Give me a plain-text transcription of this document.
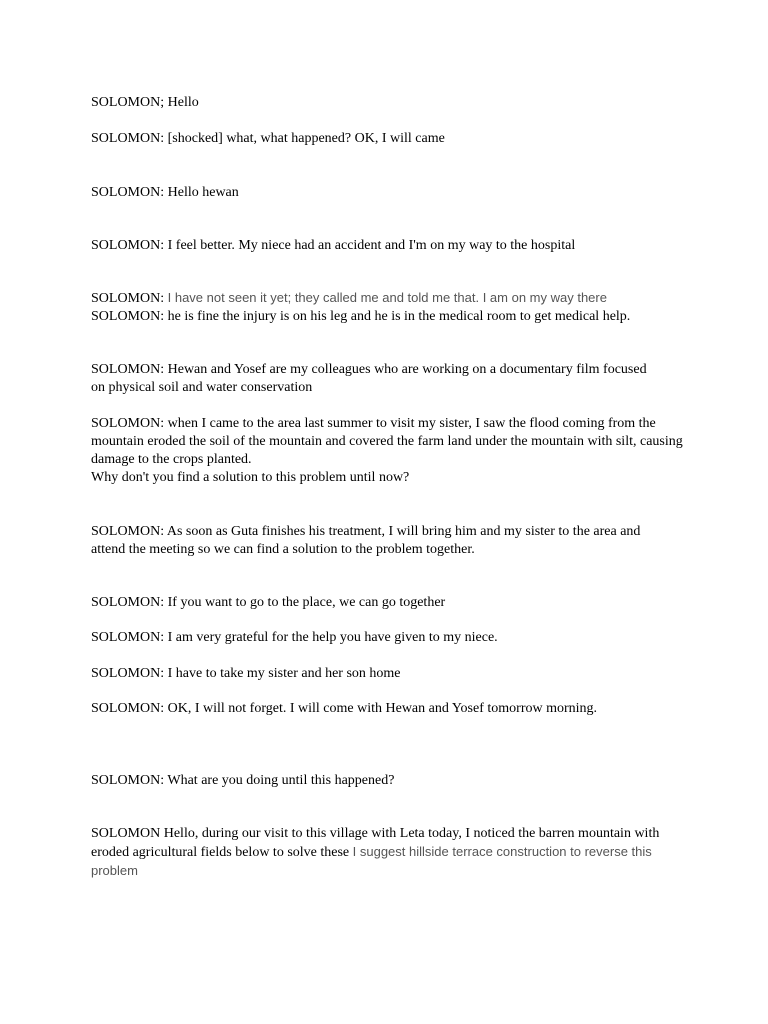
SOLOMON; Hello

SOLOMON: [shocked] what, what happened? OK, I will came

SOLOMON: Hello hewan

SOLOMON: I feel better. My niece had an accident and I'm on my way to the hospital

SOLOMON: I have not seen it yet; they called me and told me that. I am on my way there

SOLOMON: he is fine the injury is on his leg and he is in the medical room to get medical help.

SOLOMON: Hewan and Yosef are my colleagues who are working on a documentary film focused on physical soil and water conservation

SOLOMON: when I came to the area last summer to visit my sister, I saw the flood coming from the mountain eroded the soil of the mountain and covered the farm land under the mountain with silt, causing damage to the crops planted.
Why don't you find a solution to this problem until now?

SOLOMON: As soon as Guta finishes his treatment, I will bring him and my sister to the area and attend the meeting so we can find a solution to the problem together.

SOLOMON: If you want to go to the place, we can go together

SOLOMON: I am very grateful for the help you have given to my niece.

SOLOMON: I have to take my sister and her son home

SOLOMON: OK, I will not forget. I will come with Hewan and Yosef tomorrow morning.

SOLOMON: What are you doing until this happened?

SOLOMON Hello, during our visit to this village with Leta today, I noticed the barren mountain with eroded agricultural fields below to solve these I suggest hillside terrace construction to reverse this problem
